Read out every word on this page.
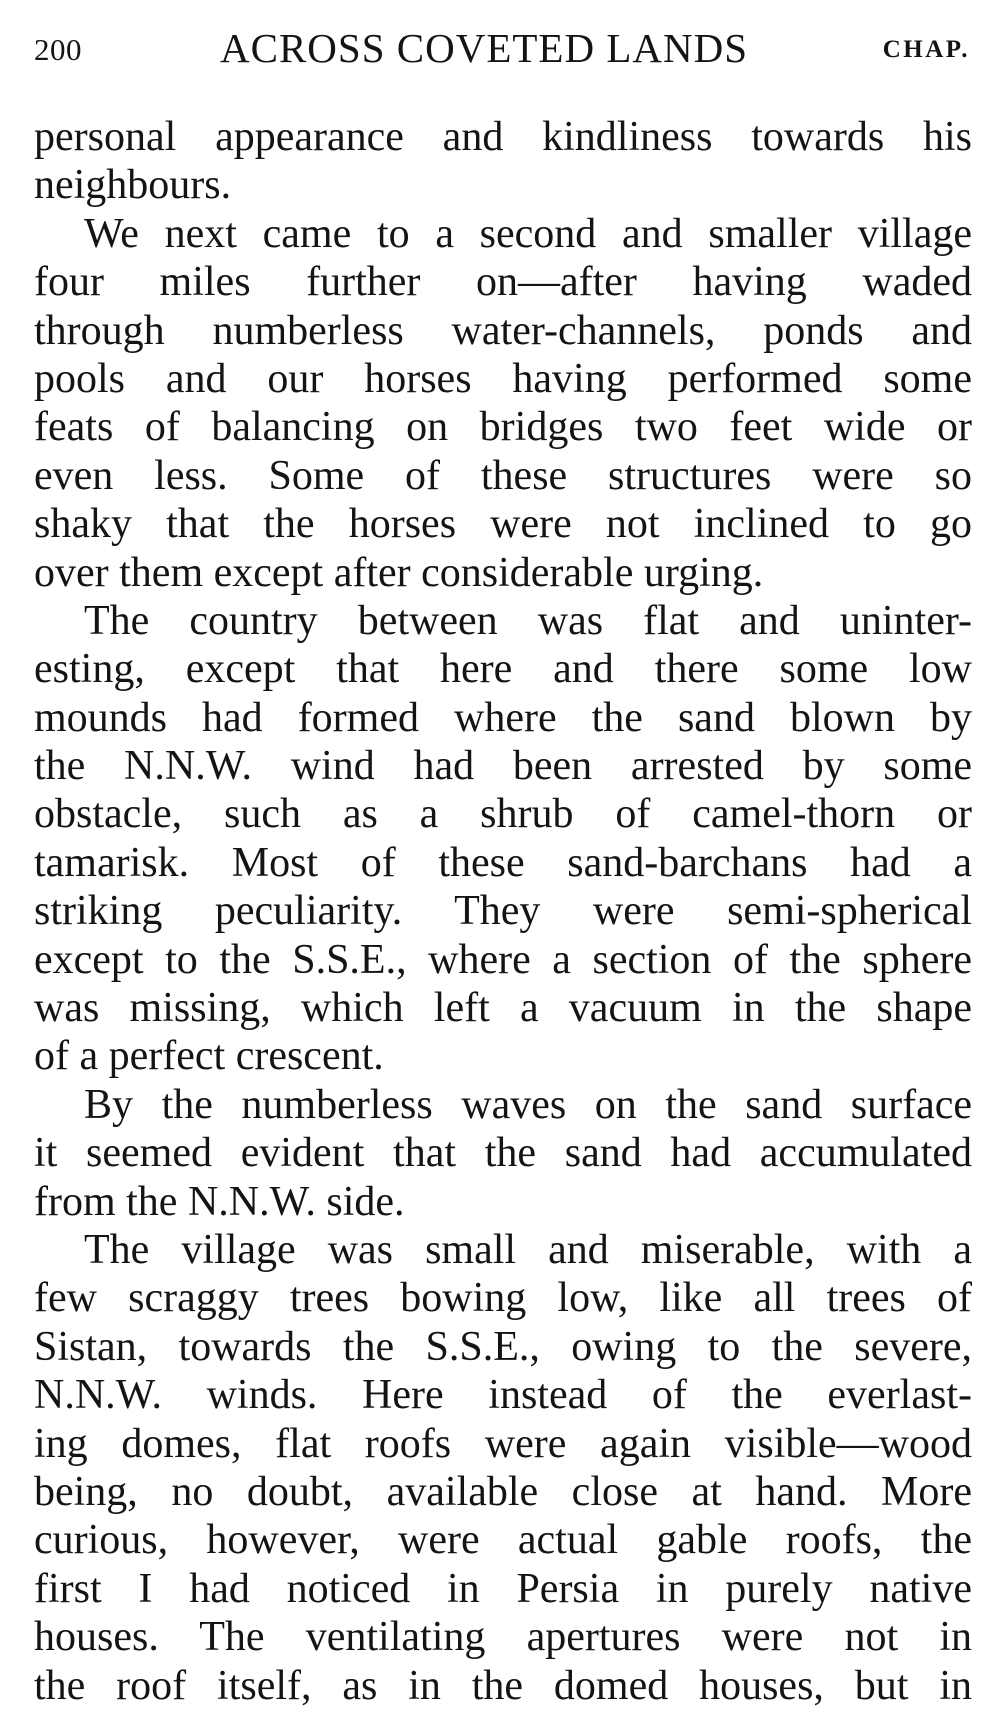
200	ACROSS COVETED LANDS	CHAP.
personal appearance and kindliness towards his
neighbours.
We next came to a second and smaller village
four miles further on—after having waded
through numberless water-channels, ponds and
pools and our horses having performed some
feats of balancing on bridges two feet wide or
even less. Some of these structures were so
shaky that the horses were not inclined to go
over them except after considerable urging.
The country between was flat and uninter-
esting, except that here and there some low
mounds had formed where the sand blown by
the N.N.W. wind had been arrested by some
obstacle, such as a shrub of camel-thorn or
tamarisk. Most of these sand-barchans had a
striking peculiarity. They were semi-spherical
except to the S.S.E., where a section of the sphere
was missing, which left a vacuum in the shape
of a perfect crescent.
By the numberless waves on the sand surface
it seemed evident that the sand had accumulated
from the N.N.W. side.
The village was small and miserable, with a
few scraggy trees bowing low, like all trees of
Sistan, towards the S.S.E., owing to the severe,
N.N.W. winds. Here instead of the everlast-
ing domes, flat roofs were again visible—wood
being, no doubt, available close at hand. More
curious, however, were actual gable roofs, the
first I had noticed in Persia in purely native
houses. The ventilating apertures were not in
the roof itself, as in the domed houses, but in
